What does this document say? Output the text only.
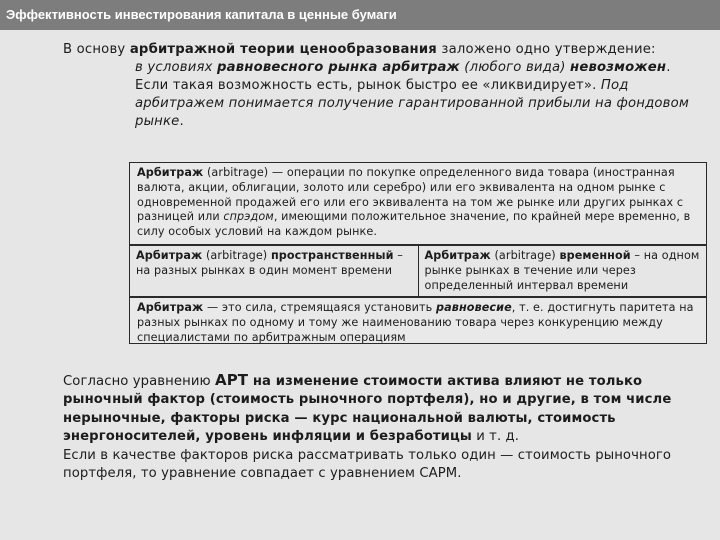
Эффективность инвестирования капитала в ценные бумаги
В основу арбитражной теории ценообразования заложено одно утверждение:
в условиях равновесного рынка арбитраж (любого вида) невозможен.
Если такая возможность есть, рынок быстро ее «ликвидирует». Под арбитражем понимается получение гарантированной прибыли на фондовом рынке.
Арбитраж (arbitrage) — операции по покупке определенного вида товара (иностранная валюта, акции, облигации, золото или серебро) или его эквивалента на одном рынке с одновременной продажей его или его эквивалента на том же рынке или других рынках с разницей или спрэдом, имеющими положительное значение, по крайней мере временно, в силу особых условий на каждом рынке.
Арбитраж (arbitrage) пространственный – на разных рынках в один момент времени
Арбитраж (arbitrage) временной – на одном рынке рынках в течение или через определенный интервал времени
Арбитраж — это сила, стремящаяся установить равновесие, т. е. достигнуть паритета на разных рынках по одному и тому же наименованию товара через конкуренцию между специалистами по арбитражным операциям
Согласно уравнению APT на изменение стоимости актива влияют не только рыночный фактор (стоимость рыночного портфеля), но и другие, в том числе нерыночные, факторы риска — курс национальной валюты, стоимость энергоносителей, уровень инфляции и безработицы и т. д.
Если в качестве факторов риска рассматривать только один — стоимость рыночного портфеля, то уравнение совпадает с уравнением CAPM.
